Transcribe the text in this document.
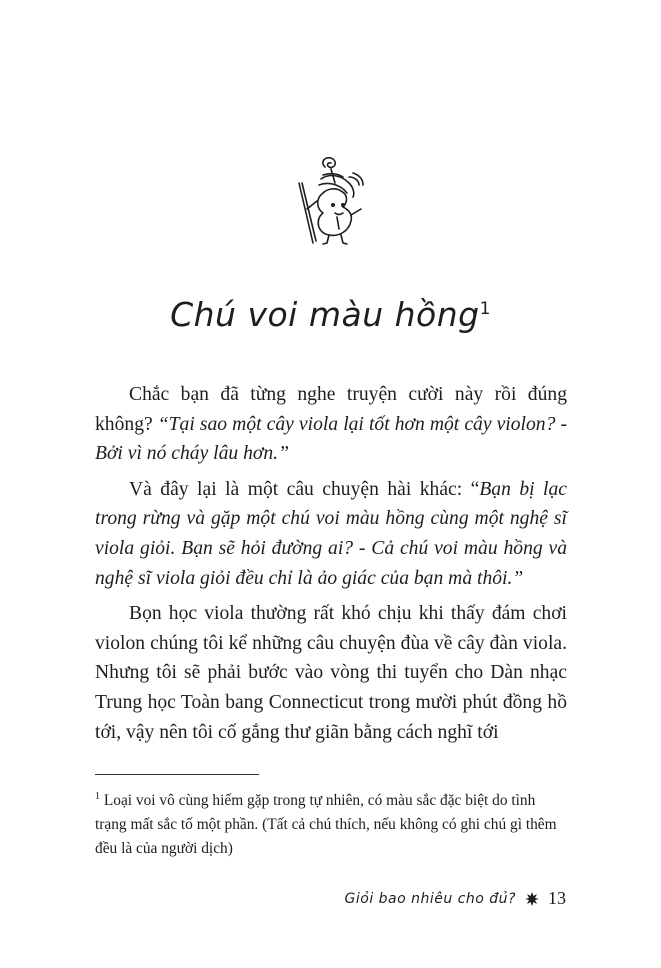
Chú voi màu hồng$^1$

Chắc bạn đã từng nghe truyện cười này rồi đúng không? “Tại sao một cây viola lại tốt hơn một cây violon? - Bởi vì nó cháy lâu hơn.”

Và đây lại là một câu chuyện hài khác: “Bạn bị lạc trong rừng và gặp một chú voi màu hồng cùng một nghệ sĩ viola giỏi. Bạn sẽ hỏi đường ai? - Cả chú voi màu hồng và nghệ sĩ viola giỏi đều chỉ là ảo giác của bạn mà thôi.”

Bọn học viola thường rất khó chịu khi thấy đám chơi violon chúng tôi kể những câu chuyện đùa về cây đàn viola. Nhưng tôi sẽ phải bước vào vòng thi tuyển cho Dàn nhạc Trung học Toàn bang Connecticut trong mười phút đồng hồ tới, vậy nên tôi cố gắng thư giãn bằng cách nghĩ tới

$^1$ Loại voi vô cùng hiếm gặp trong tự nhiên, có màu sắc đặc biệt do tình trạng mất sắc tố một phần. (Tất cả chú thích, nếu không có ghi chú gì thêm đều là của người dịch)
Giỏi bao nhiêu cho đủ? 13
